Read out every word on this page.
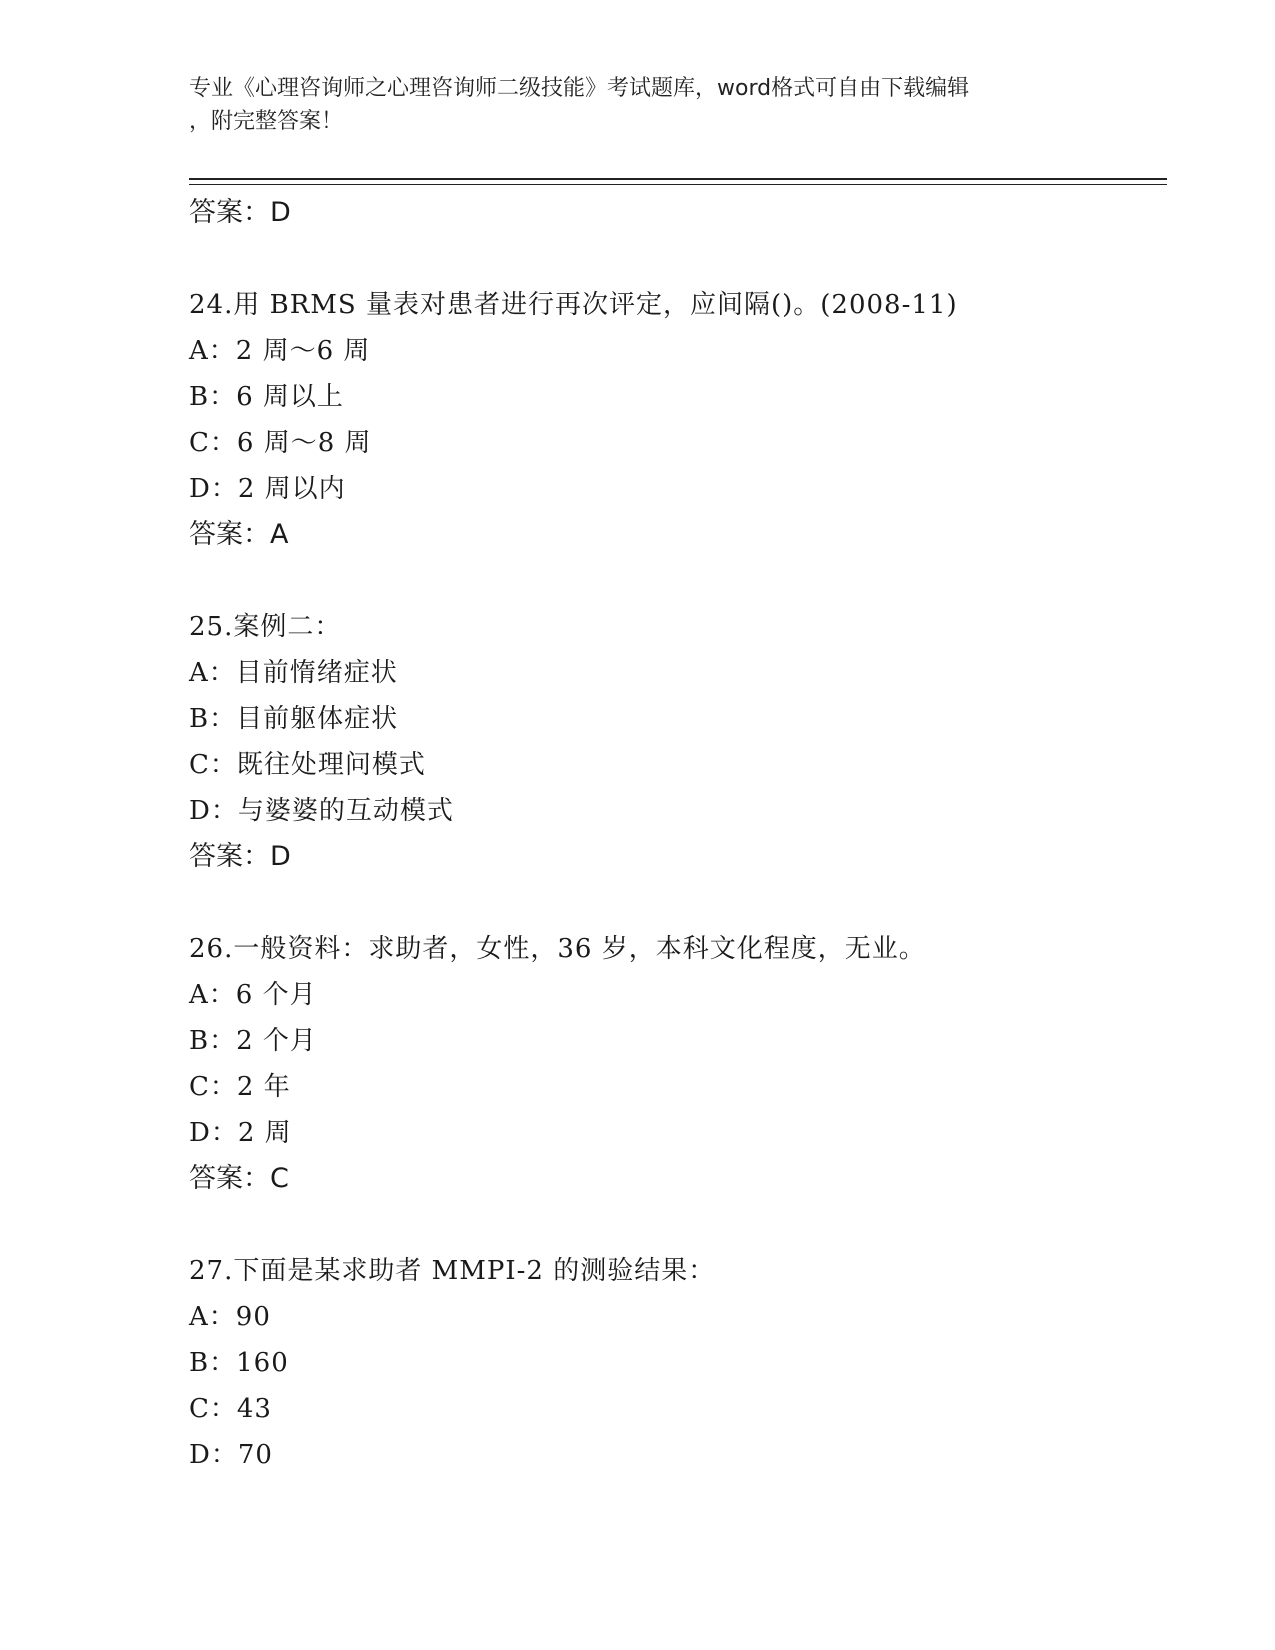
专业《心理咨询师之心理咨询师二级技能》考试题库，word格式可自由下载编辑
，附完整答案！
答案：D
24.用 BRMS 量表对患者进行再次评定，应间隔()。(2008-11)
A：2 周～6 周
B：6 周以上
C：6 周～8 周
D：2 周以内
答案：A
25.案例二：
A：目前惰绪症状
B：目前躯体症状
C：既往处理问模式
D：与婆婆的互动模式
答案：D
26.一般资料：求助者，女性，36 岁，本科文化程度，无业。
A：6 个月
B：2 个月
C：2 年
D：2 周
答案：C
27.下面是某求助者 MMPI-2 的测验结果：
A：90
B：160
C：43
D：70
